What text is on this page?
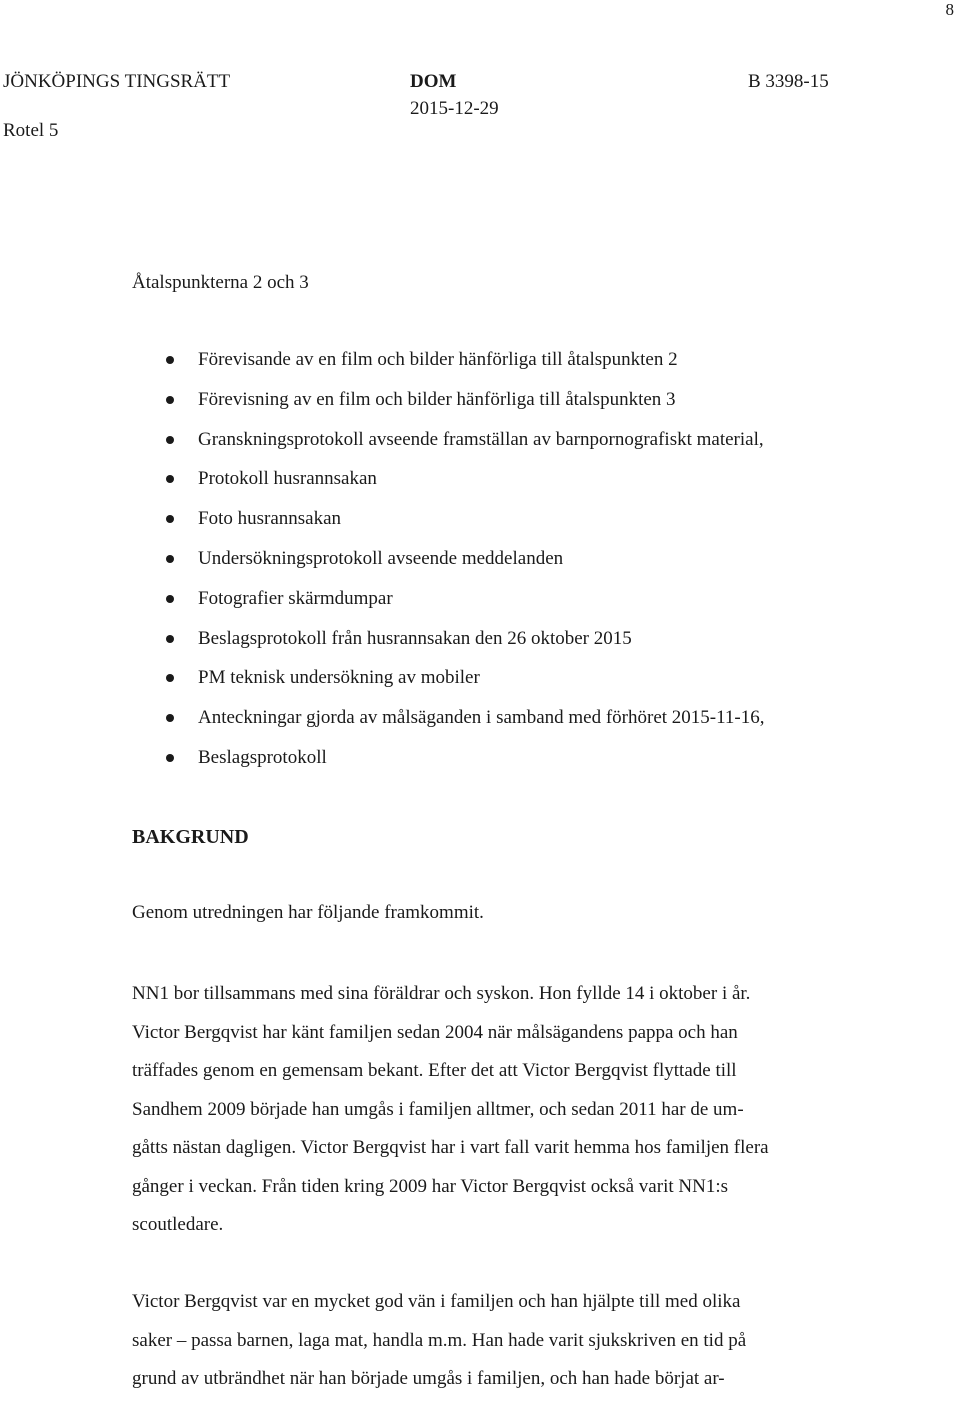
8
JÖNKÖPINGS TINGSRÄTT
Rotel 5
DOM
2015-12-29
B 3398-15
Åtalspunkterna 2 och 3
Förevisande av en film och bilder hänförliga till åtalspunkten 2
Förevisning av en film och bilder hänförliga till åtalspunkten 3
Granskningsprotokoll avseende framställan av barnpornografiskt material,
Protokoll husrannsakan
Foto husrannsakan
Undersökningsprotokoll avseende meddelanden
Fotografier skärmdumpar
Beslagsprotokoll från husrannsakan den 26 oktober 2015
PM teknisk undersökning av mobiler
Anteckningar gjorda av målsäganden i samband med förhöret 2015-11-16,
Beslagsprotokoll
BAKGRUND
Genom utredningen har följande framkommit.
NN1 bor tillsammans med sina föräldrar och syskon. Hon fyllde 14 i oktober i år.
Victor Bergqvist har känt familjen sedan 2004 när målsägandens pappa och han
träffades genom en gemensam bekant. Efter det att Victor Bergqvist flyttade till
Sandhem 2009 började han umgås i familjen alltmer, och sedan 2011 har de um-
gåtts nästan dagligen. Victor Bergqvist har i vart fall varit hemma hos familjen flera
gånger i veckan. Från tiden kring 2009 har Victor Bergqvist också varit NN1:s
scoutledare.
Victor Bergqvist var en mycket god vän i familjen och han hjälpte till med olika
saker – passa barnen, laga mat, handla m.m. Han hade varit sjukskriven en tid på
grund av utbrändhet när han började umgås i familjen, och han hade börjat ar-
